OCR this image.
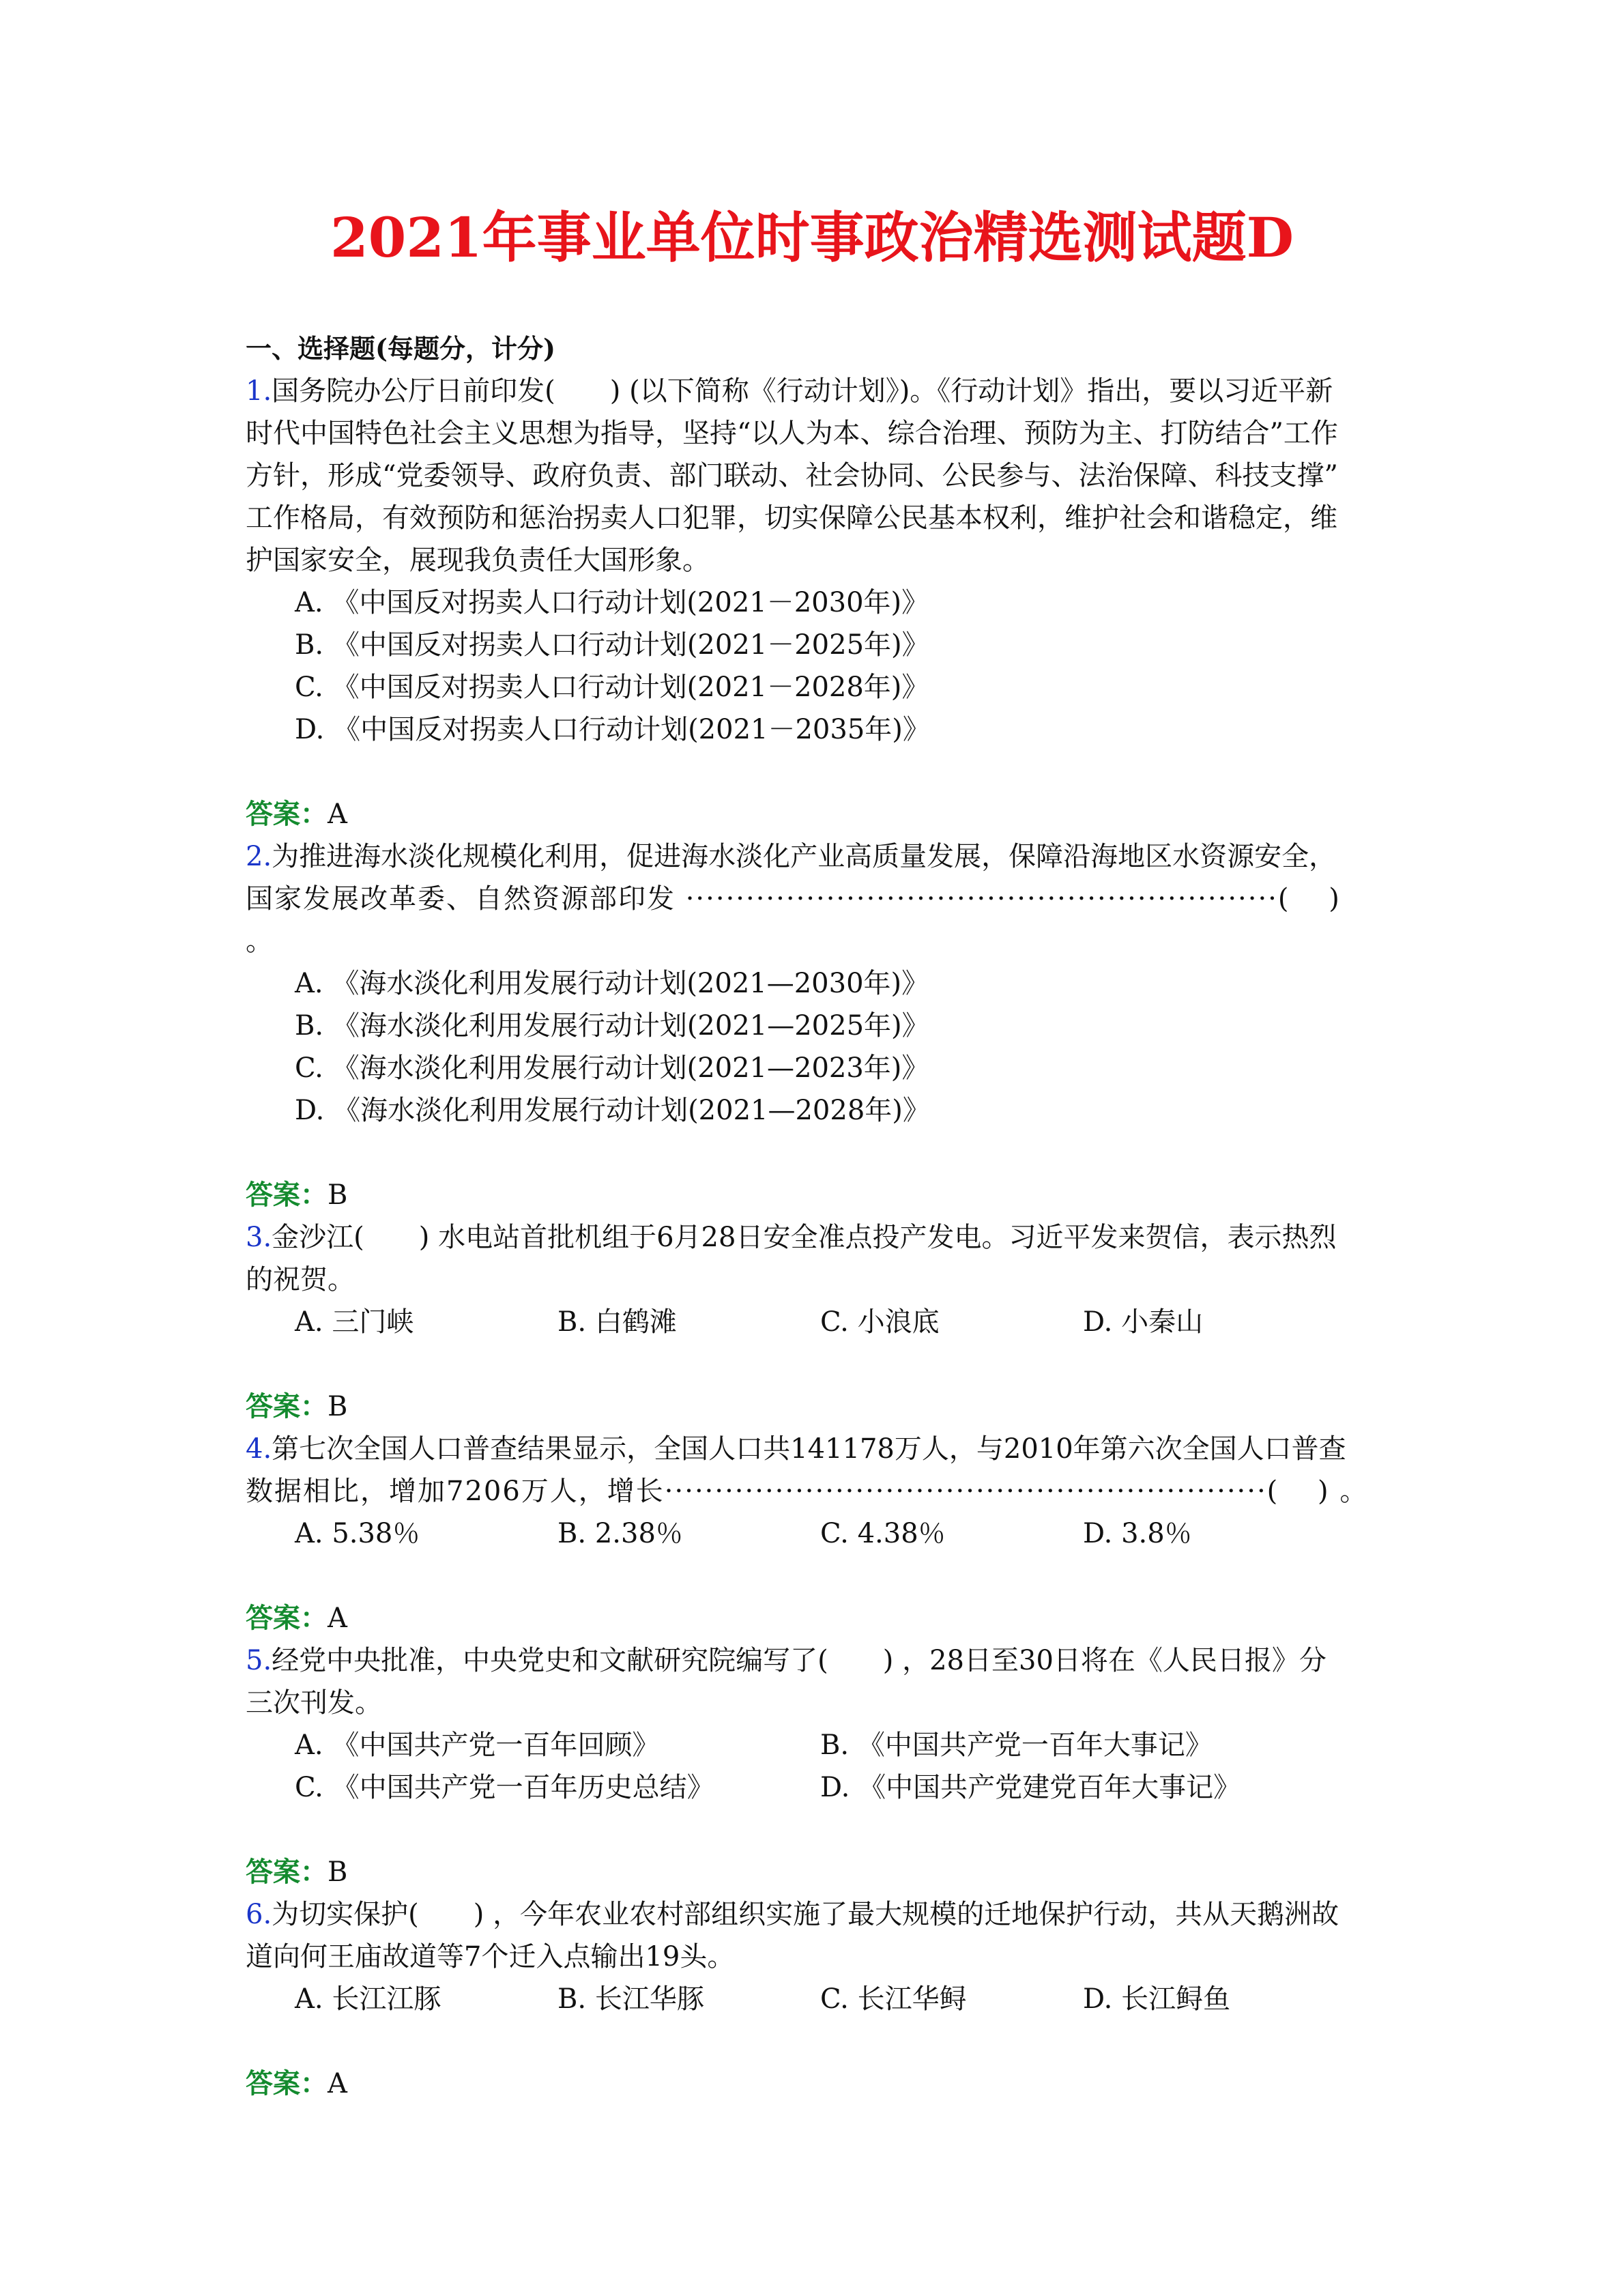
2021年事业单位时事政治精选测试题D
一、选择题(每题分，计分)
1.国务院办公厅日前印发(　　) (以下简称《行动计划》)。《行动计划》指出，要以习近平新
时代中国特色社会主义思想为指导，坚持“以人为本、综合治理、预防为主、打防结合”工作
方针，形成“党委领导、政府负责、部门联动、社会协同、公民参与、法治保障、科技支撑”
工作格局，有效预防和惩治拐卖人口犯罪，切实保障公民基本权利，维护社会和谐稳定，维
护国家安全，展现我负责任大国形象。
A. 《中国反对拐卖人口行动计划(2021－2030年)》
B. 《中国反对拐卖人口行动计划(2021－2025年)》
C. 《中国反对拐卖人口行动计划(2021－2028年)》
D. 《中国反对拐卖人口行动计划(2021－2035年)》
答案：A
2.为推进海水淡化规模化利用，促进海水淡化产业高质量发展，保障沿海地区水资源安全，
国家发展改革委、自然资源部印发 ···························································(　 ) 。
A. 《海水淡化利用发展行动计划(2021—2030年)》
B. 《海水淡化利用发展行动计划(2021—2025年)》
C. 《海水淡化利用发展行动计划(2021—2023年)》
D. 《海水淡化利用发展行动计划(2021—2028年)》
答案：B
3.金沙江(　　) 水电站首批机组于6月28日安全准点投产发电。习近平发来贺信，表示热烈
的祝贺。
A. 三门峡	B. 白鹤滩	C. 小浪底	D. 小秦山
答案：B
4.第七次全国人口普查结果显示，全国人口共141178万人，与2010年第六次全国人口普查
数据相比，增加7206万人，增长····························································(　 ) 。
A. 5.38％	B. 2.38％	C. 4.38％	D. 3.8％
答案：A
5.经党中央批准，中央党史和文献研究院编写了(　　) ，28日至30日将在《人民日报》分
三次刊发。
A. 《中国共产党一百年回顾》	B. 《中国共产党一百年大事记》
C. 《中国共产党一百年历史总结》	D. 《中国共产党建党百年大事记》
答案：B
6.为切实保护(　　) ，今年农业农村部组织实施了最大规模的迁地保护行动，共从天鹅洲故
道向何王庙故道等7个迁入点输出19头。
A. 长江江豚	B. 长江华豚	C. 长江华鲟	D. 长江鲟鱼
答案：A
